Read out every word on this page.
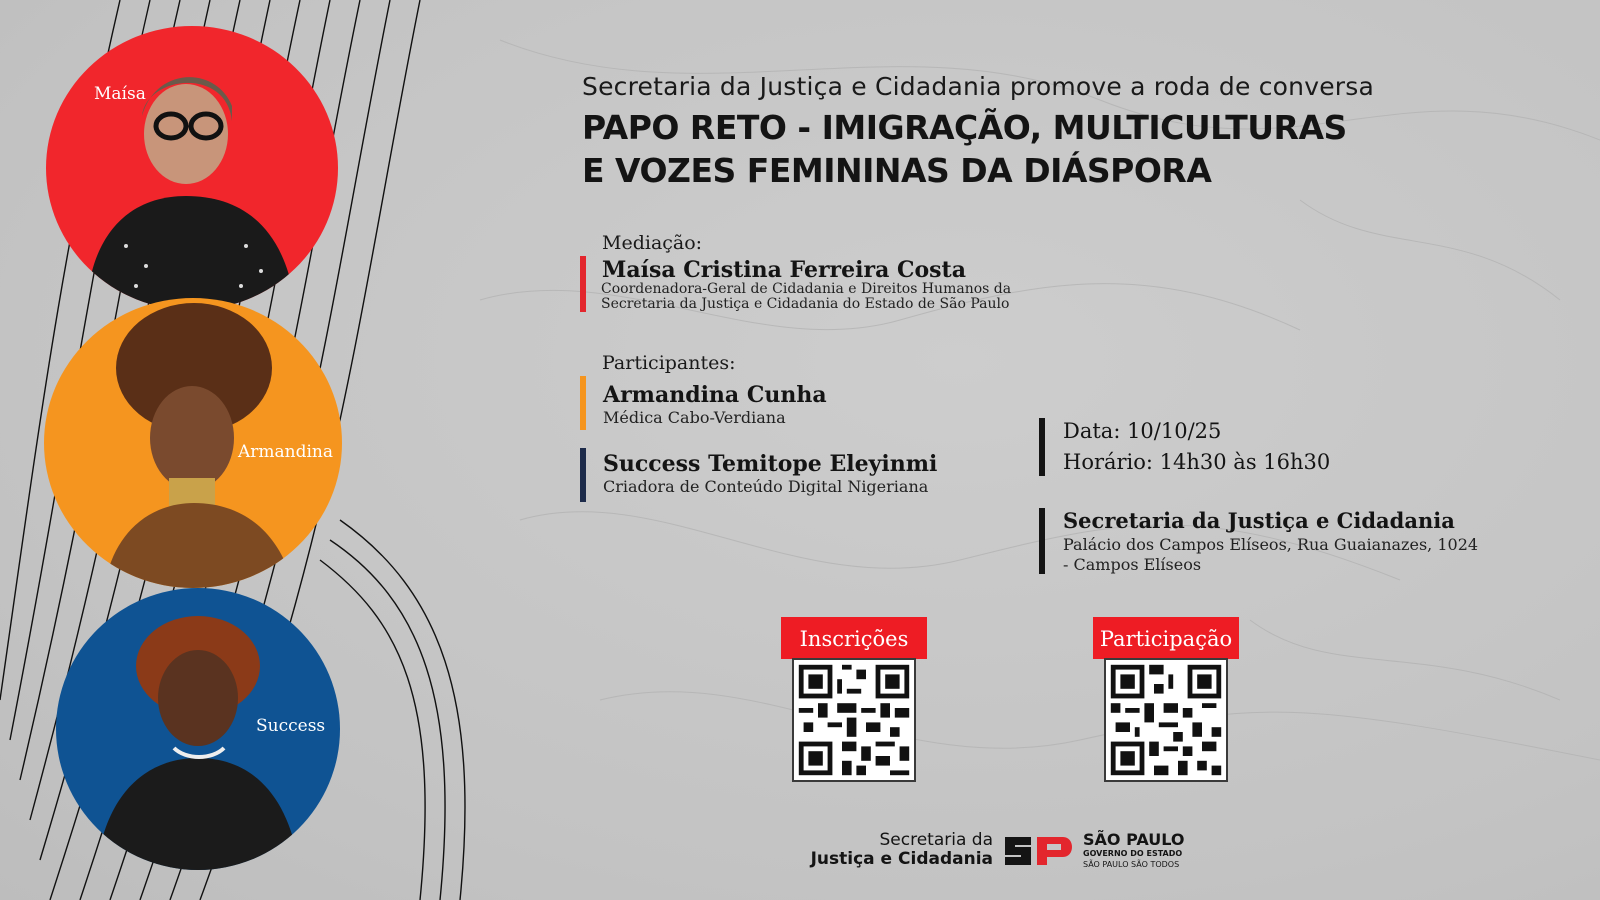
Maísa
Armandina
Success
Secretaria da Justiça e Cidadania promove a roda de conversa
PAPO RETO - IMIGRAÇÃO, MULTICULTURAS
E VOZES FEMININAS DA DIÁSPORA
Mediação:
Maísa Cristina Ferreira Costa
Coordenadora-Geral de Cidadania e Direitos Humanos da
Secretaria da Justiça e Cidadania do Estado de São Paulo
Participantes:
Armandina Cunha
Médica Cabo-Verdiana
Success Temitope Eleyinmi
Criadora de Conteúdo Digital Nigeriana
Data: 10/10/25
Horário: 14h30 às 16h30
Secretaria da Justiça e Cidadania
Palácio dos Campos Elíseos, Rua Guaianazes, 1024
- Campos Elíseos
Inscrições	Participação
Secretaria da
Justiça e Cidadania
SÃO PAULO
GOVERNO DO ESTADO
SÃO PAULO SÃO TODOS
